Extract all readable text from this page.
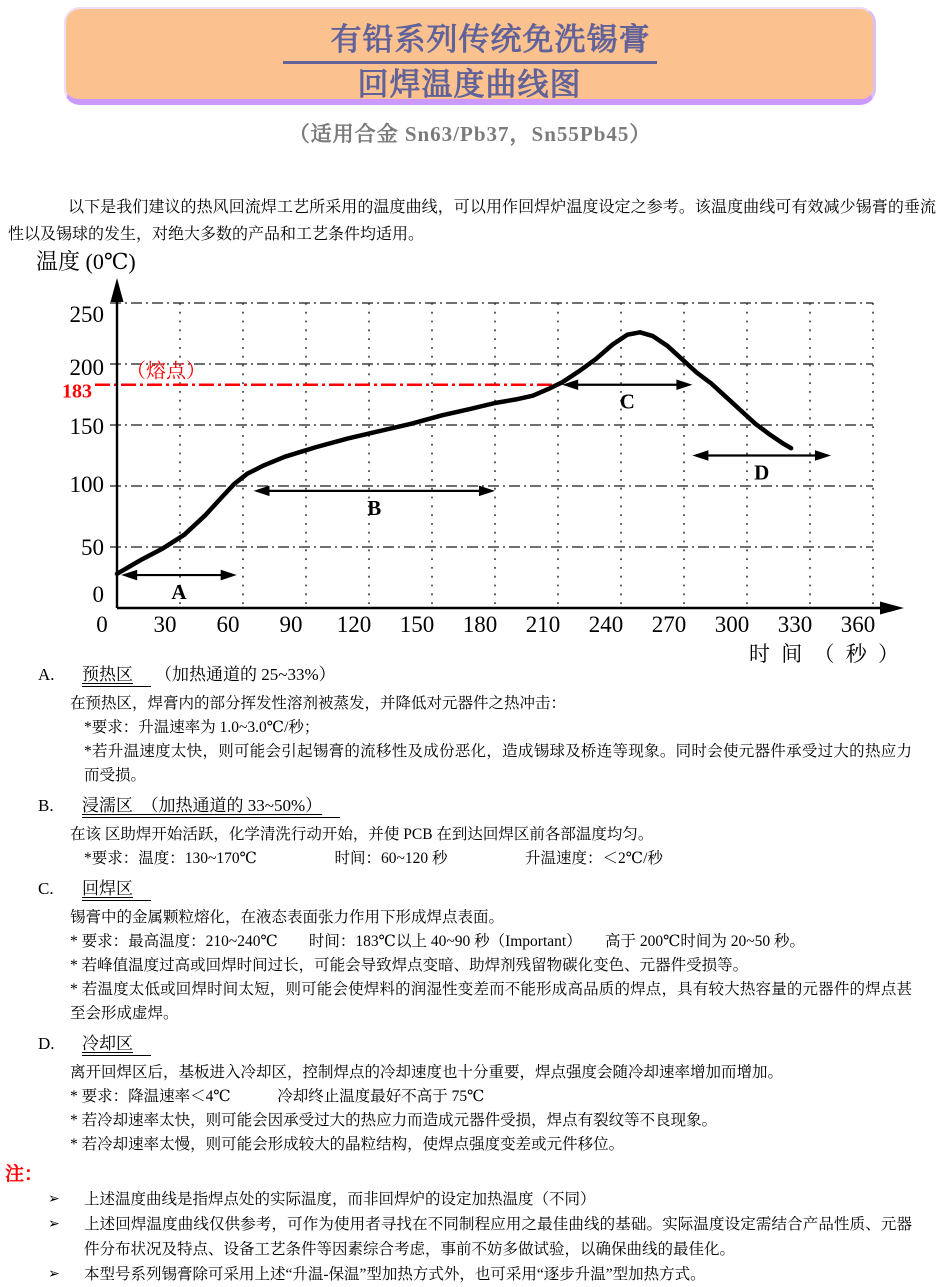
有铅系列传统免洗锡膏
回焊温度曲线图
（适用合金 Sn63/Pb37，Sn55Pb45）
以下是我们建议的热风回流焊工艺所采用的温度曲线，可以用作回焊炉温度设定之参考。该温度曲线可有效减少锡膏的垂流性以及锡球的发生，对绝大多数的产品和工艺条件均适用。
（熔点）
183
0
50
100
150
200
250
0 30 60 90 120 150 180 210 240 270 300 330 360
温度 (0℃)
时 间 （ 秒 ）
A
B
C
D
A. 预热区 （加热通道的 25~33%）
在预热区，焊膏内的部分挥发性溶剂被蒸发，并降低对元器件之热冲击：
*要求：升温速率为 1.0~3.0℃/秒；
*若升温速度太快，则可能会引起锡膏的流移性及成份恶化，造成锡球及桥连等现象。同时会使元器件承受过大的热应力而受损。
B. 浸濡区　 （加热通道的 33~50%）
在该 区助焊开始活跃，化学清洗行动开始，并使 PCB 在到达回焊区前各部温度均匀。
*要求：温度：130~170℃　　　　　时间：60~120 秒　　　　　升温速度：＜2℃/秒
C. 回焊区
锡膏中的金属颗粒熔化，在液态表面张力作用下形成焊点表面。
* 要求：最高温度：210~240℃　　时间：183℃以上 40~90 秒（Important）　　高于 200℃时间为 20~50 秒。
* 若峰值温度过高或回焊时间过长，可能会导致焊点变暗、助焊剂残留物碳化变色、元器件受损等。
* 若温度太低或回焊时间太短，则可能会使焊料的润湿性变差而不能形成高品质的焊点，具有较大热容量的元器件的焊点甚至会形成虚焊。
D. 冷却区
离开回焊区后，基板进入冷却区，控制焊点的冷却速度也十分重要，焊点强度会随冷却速率增加而增加。
* 要求：降温速率＜4℃　　　冷却终止温度最好不高于 75℃
* 若冷却速率太快，则可能会因承受过大的热应力而造成元器件受损，焊点有裂纹等不良现象。
* 若冷却速率太慢，则可能会形成较大的晶粒结构，使焊点强度变差或元件移位。
注：
➢	上述温度曲线是指焊点处的实际温度，而非回焊炉的设定加热温度（不同）
➢	上述回焊温度曲线仅供参考，可作为使用者寻找在不同制程应用之最佳曲线的基础。实际温度设定需结合产品性质、元器件分布状况及特点、设备工艺条件等因素综合考虑，事前不妨多做试验，以确保曲线的最佳化。
➢	本型号系列锡膏除可采用上述“升温-保温”型加热方式外，也可采用“逐步升温”型加热方式。
